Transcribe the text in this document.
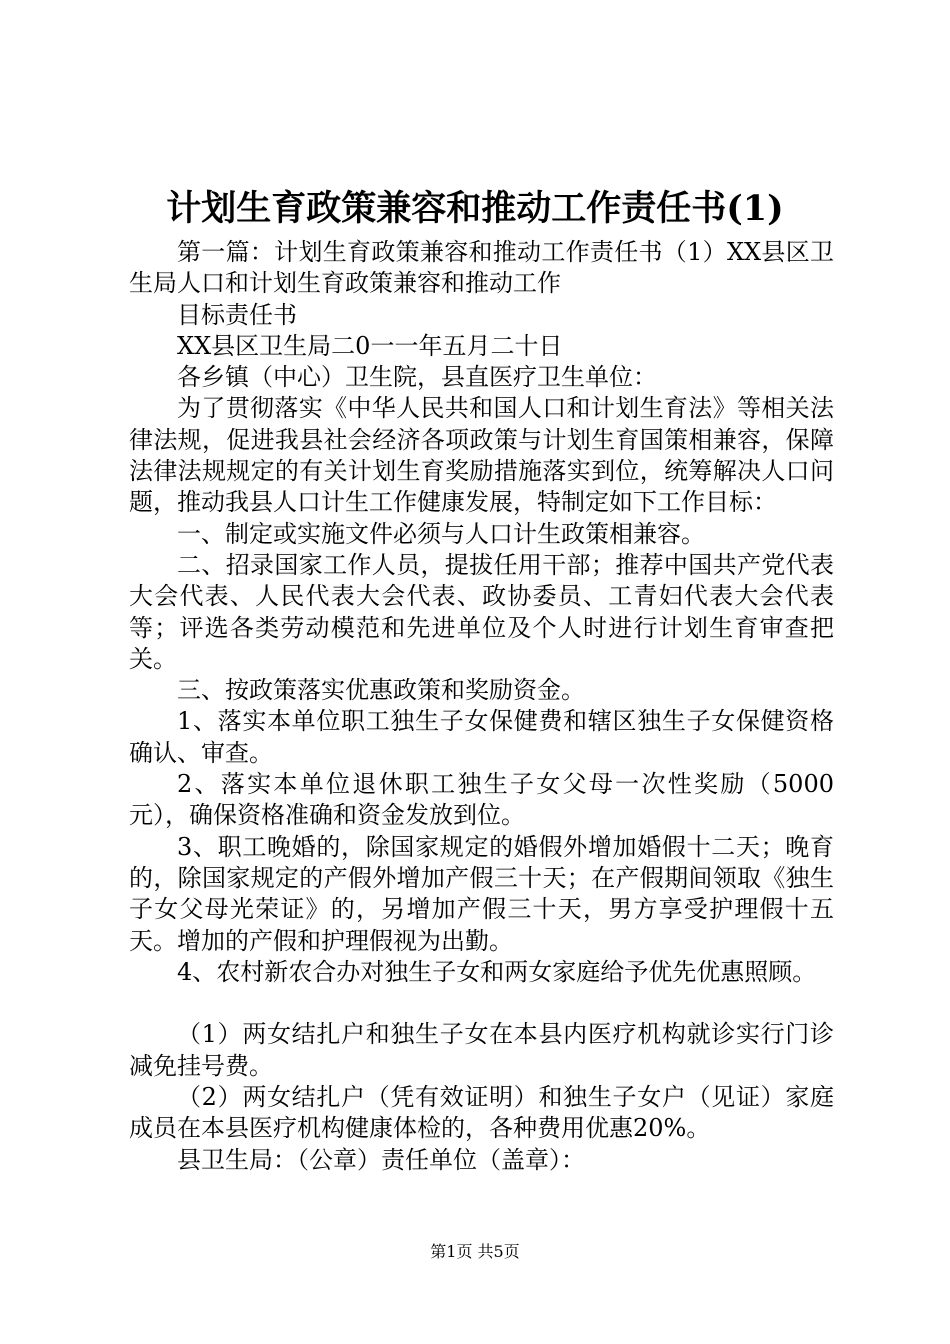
计划生育政策兼容和推动工作责任书(1)

第一篇：计划生育政策兼容和推动工作责任书（1）XX县区卫生局人口和计划生育政策兼容和推动工作

目标责任书

XX县区卫生局二0一一年五月二十日

各乡镇（中心）卫生院，县直医疗卫生单位：

为了贯彻落实《中华人民共和国人口和计划生育法》等相关法律法规，促进我县社会经济各项政策与计划生育国策相兼容，保障法律法规规定的有关计划生育奖励措施落实到位，统筹解决人口问题，推动我县人口计生工作健康发展，特制定如下工作目标：

一、制定或实施文件必须与人口计生政策相兼容。

二、招录国家工作人员，提拔任用干部；推荐中国共产党代表大会代表、人民代表大会代表、政协委员、工青妇代表大会代表等；评选各类劳动模范和先进单位及个人时进行计划生育审查把关。

三、按政策落实优惠政策和奖励资金。

1、落实本单位职工独生子女保健费和辖区独生子女保健资格确认、审查。

2、落实本单位退休职工独生子女父母一次性奖励（5000元），确保资格准确和资金发放到位。

3、职工晚婚的，除国家规定的婚假外增加婚假十二天；晚育的，除国家规定的产假外增加产假三十天；在产假期间领取《独生子女父母光荣证》的，另增加产假三十天，男方享受护理假十五天。增加的产假和护理假视为出勤。

4、农村新农合办对独生子女和两女家庭给予优先优惠照顾。

（1）两女结扎户和独生子女在本县内医疗机构就诊实行门诊减免挂号费。

（2）两女结扎户（凭有效证明）和独生子女户（见证）家庭成员在本县医疗机构健康体检的，各种费用优惠20%。

县卫生局：（公章）责任单位（盖章）：

第1页 共5页
